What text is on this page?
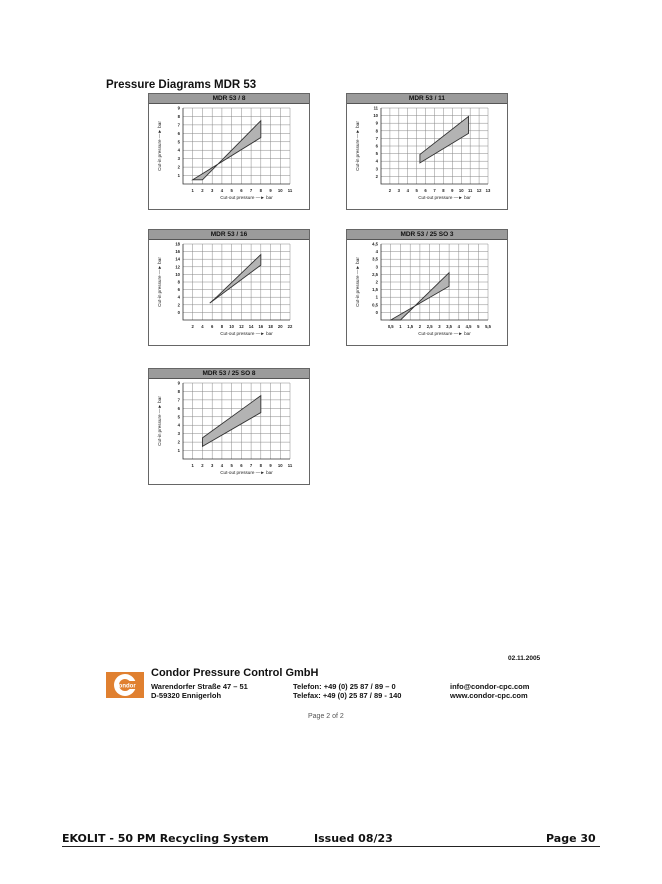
Pressure Diagrams MDR 53
MDR 53 / 8
1 2 3 4 5 6 7 8 9 10 11
1
2
3
4
5
6
7
8
9
Cut-out pressure —► bar
Cut-in pressure —► bar
MDR 53 / 11
2 3 4 5 6 7 8 9 10 11 12 13
2
3
4
5
6
7
8
9
10
11
Cut-out pressure —► bar
Cut-in pressure —► bar
MDR 53 / 16
2 4 6 8 10 12 14 16 18 20 22
0
2
4
6
8
10
12
14
16
18
Cut-out pressure —► bar
Cut-in pressure —► bar
MDR 53 / 25 SO 3
0,5 1 1,5 2 2,5 3 3,5 4 4,5 5 5,5
0
0,5
1
1,5
2
2,5
3
3,5
4
4,5
Cut-out pressure —► bar
Cut-in pressure —► bar
MDR 53 / 25 SO 8
1 2 3 4 5 6 7 8 9 10 11
1
2
3
4
5
6
7
8
9
Cut-out pressure —► bar
Cut-in pressure —► bar
02.11.2005
Condor
Condor Pressure Control GmbH
Warendorfer Straße 47 – 51
D-59320 Ennigerloh
Telefon: +49 (0) 25 87 / 89 – 0
Telefax: +49 (0) 25 87 / 89 - 140
info@condor-cpc.com
www.condor-cpc.com
Page 2 of 2
EKOLIT - 50 PM Recycling System	Issued 08/23	Page 30
